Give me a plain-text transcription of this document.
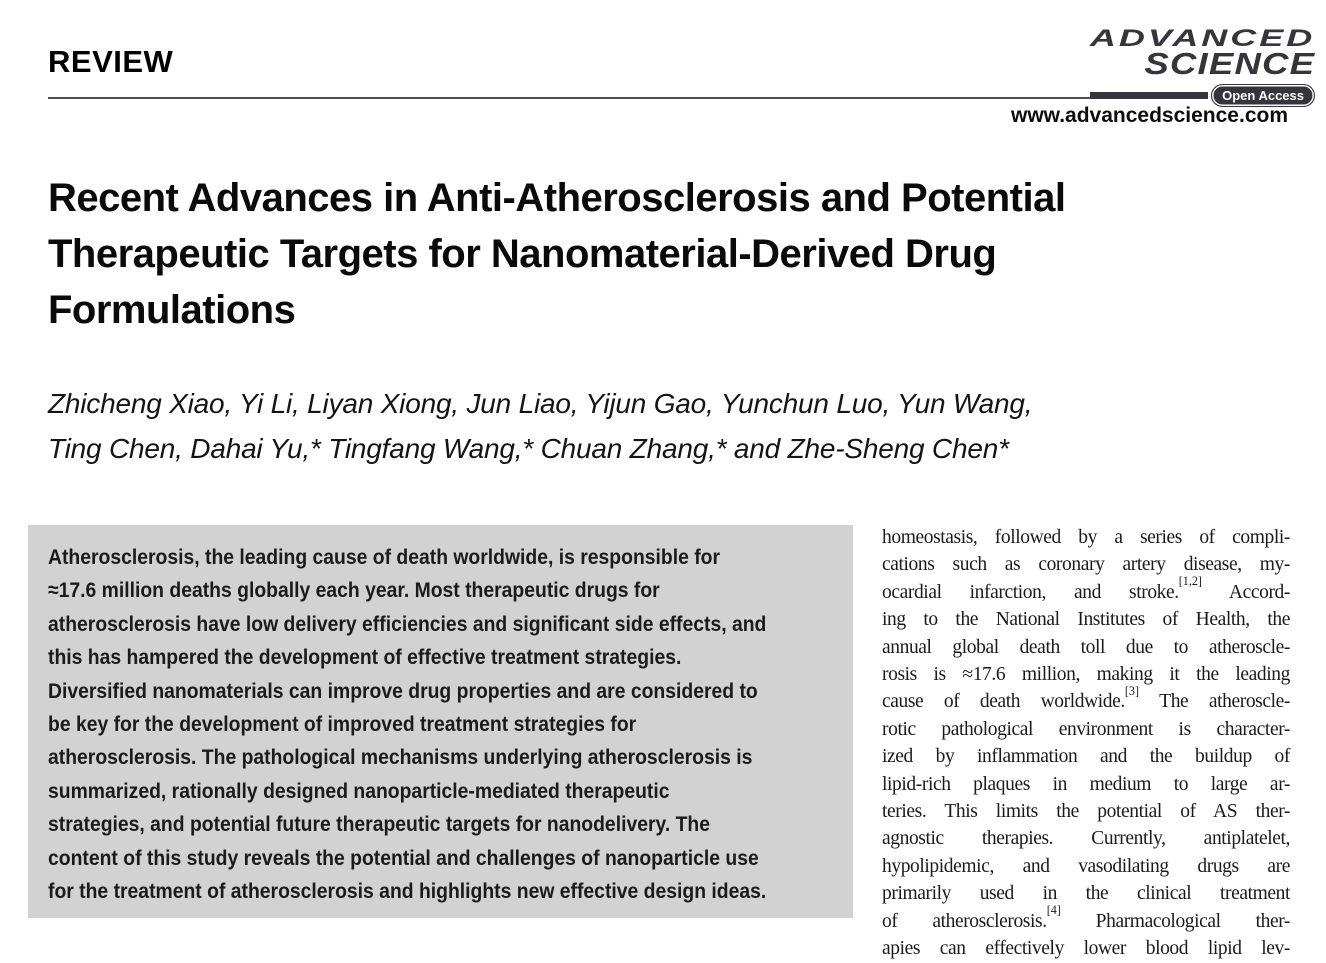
REVIEW
ADVANCED
SCIENCE
Open Access
www.advancedscience.com
Recent Advances in Anti-Atherosclerosis and Potential
Therapeutic Targets for Nanomaterial-Derived Drug
Formulations
Zhicheng Xiao, Yi Li, Liyan Xiong, Jun Liao, Yijun Gao, Yunchun Luo, Yun Wang,
Ting Chen, Dahai Yu,* Tingfang Wang,* Chuan Zhang,* and Zhe-Sheng Chen*
Atherosclerosis, the leading cause of death worldwide, is responsible for
≈17.6 million deaths globally each year. Most therapeutic drugs for
atherosclerosis have low delivery efficiencies and significant side effects, and
this has hampered the development of effective treatment strategies.
Diversified nanomaterials can improve drug properties and are considered to
be key for the development of improved treatment strategies for
atherosclerosis. The pathological mechanisms underlying atherosclerosis is
summarized, rationally designed nanoparticle-mediated therapeutic
strategies, and potential future therapeutic targets for nanodelivery. The
content of this study reveals the potential and challenges of nanoparticle use
for the treatment of atherosclerosis and highlights new effective design ideas.
homeostasis, followed by a series of compli-
cations such as coronary artery disease, my-
ocardial infarction, and stroke.[1,2] Accord-
ing to the National Institutes of Health, the
annual global death toll due to atheroscle-
rosis is ≈17.6 million, making it the leading
cause of death worldwide.[3] The atheroscle-
rotic pathological environment is character-
ized by inflammation and the buildup of
lipid-rich plaques in medium to large ar-
teries. This limits the potential of AS ther-
agnostic therapies. Currently, antiplatelet,
hypolipidemic, and vasodilating drugs are
primarily used in the clinical treatment
of atherosclerosis.[4] Pharmacological ther-
apies can effectively lower blood lipid lev-
